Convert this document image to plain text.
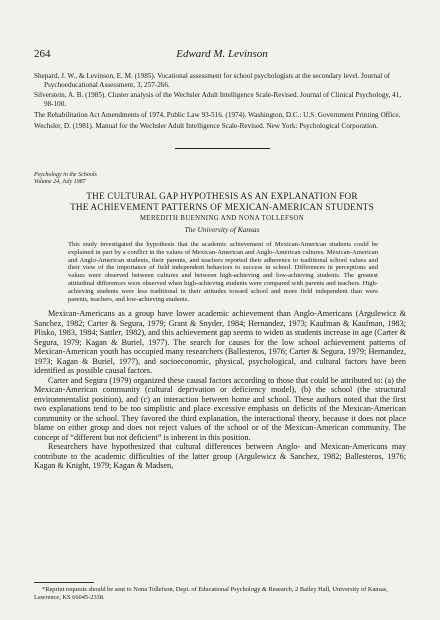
264	Edward M. Levinson

Shepard, J. W., & Levinson, E. M. (1985). Vocational assessment for school psychologists at the secondary level. Journal of Psychoeducational Assessment, 3, 257-266.

Silverstein, A. B. (1985). Cluster analysis of the Wechsler Adult Intelligence Scale-Revised. Journal of Clinical Psychology, 41, 98-100.

The Rehabilitation Act Amendments of 1974, Public Law 93-516. (1974). Washington, D.C.: U.S. Government Printing Office.

Wechsler, D. (1981). Manual for the Wechsler Adult Intelligence Scale-Revised. New York: Psychological Corporation.

Psychology in the Schools
Volume 24, July 1987
THE CULTURAL GAP HYPOTHESIS AS AN EXPLANATION FOR
THE ACHIEVEMENT PATTERNS OF MEXICAN-AMERICAN STUDENTS
MEREDITH BUENNING AND NONA TOLLEFSON
The University of Kansas
This study investigated the hypothesis that the academic achievement of Mexican-American students could be explained in part by a conflict in the values of Mexican-American and Anglo-American cultures. Mexican-American and Anglo-American students, their parents, and teachers reported their adherence to traditional school values and their view of the importance of field independent behaviors to success in school. Differences in perceptions and values were observed between cultures and between high-achieving and low-achieving students. The greatest attitudinal differences were observed when high-achieving students were compared with parents and teachers. High-achieving students were less traditional in their attitudes toward school and more field independent than were parents, teachers, and low-achieving students.

Mexican-Americans as a group have lower academic achievement than Anglo-Americans (Argulewicz & Sanchez, 1982; Carter & Segura, 1979; Grant & Snyder, 1984; Hernandez, 1973; Kaufman & Kaufman, 1983; Plisko, 1983, 1984; Sattler, 1982), and this achievement gap seems to widen as students increase in age (Carter & Segura, 1979; Kagan & Buriel, 1977). The search for causes for the low school achievement patterns of Mexican-American youth has occupied many researchers (Ballesteros, 1976; Carter & Segura, 1979; Hernandez, 1973; Kagan & Buriel, 1977), and socioeconomic, physical, psychological, and cultural factors have been identified as possible causal factors.

Carter and Segura (1979) organized these causal factors according to those that could be attributed to: (a) the Mexican-American community (cultural deprivation or deficiency model), (b) the school (the structural environmentalist position), and (c) an interaction between home and school. These authors noted that the first two explanations tend to be too simplistic and place excessive emphasis on deficits of the Mexican-American community or the school. They favored the third explanation, the interactional theory, because it does not place blame on either group and does not reject values of the school or of the Mexican-American community. The concept of “different but not deficient” is inherent in this position.

Researchers have hypothesized that cultural differences between Anglo- and Mexican-Americans may contribute to the academic difficulties of the latter group (Argulewicz & Sanchez, 1982; Ballesteros, 1976; Kagan & Knight, 1979; Kagan & Madsen,

*Reprint requests should be sent to Nona Tollefson, Dept. of Educational Psychology & Research, 2 Bailey Hall, University of Kansas, Lawrence, KS 66045-2338.
